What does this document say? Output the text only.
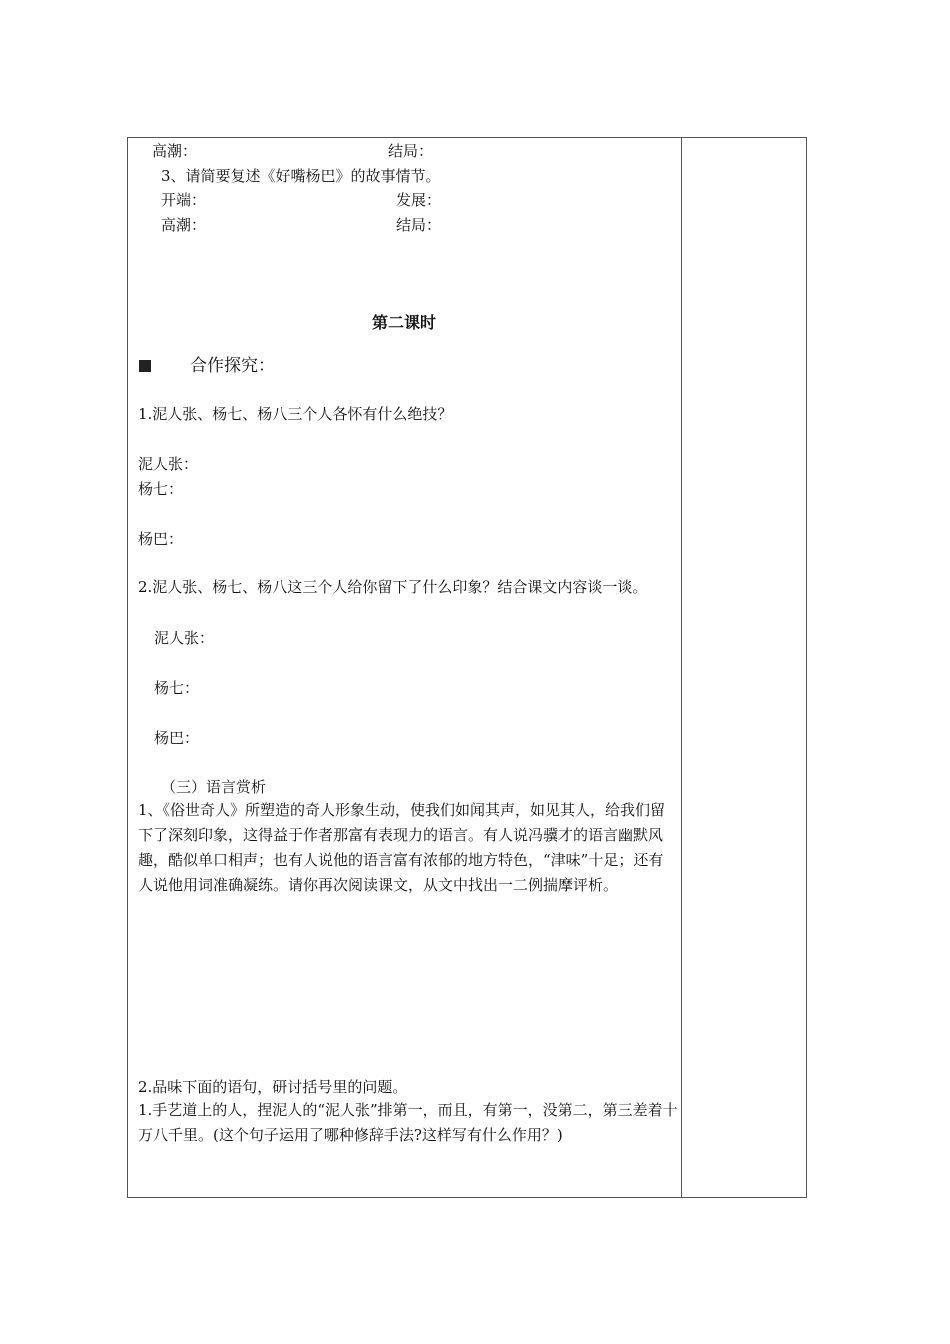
高潮：	结局：
3、请简要复述《好嘴杨巴》的故事情节。
开端：	发展：
高潮：	结局：
第二课时
合作探究：
1.泥人张、杨七、杨八三个人各怀有什么绝技？
泥人张：
杨七：
杨巴：
2.泥人张、杨七、杨八这三个人给你留下了什么印象？结合课文内容谈一谈。
泥人张：
杨七：
杨巴：
（三）语言赏析
1、《俗世奇人》所塑造的奇人形象生动，使我们如闻其声，如见其人，给我们留下了深刻印象，这得益于作者那富有表现力的语言。有人说冯骥才的语言幽默风趣，酷似单口相声；也有人说他的语言富有浓郁的地方特色，“津味”十足；还有人说他用词准确凝练。请你再次阅读课文，从文中找出一二例揣摩评析。
2.品味下面的语句，研讨括号里的问题。
1.手艺道上的人，捏泥人的“泥人张”排第一，而且，有第一，没第二，第三差着十万八千里。(这个句子运用了哪种修辞手法?这样写有什么作用？)
